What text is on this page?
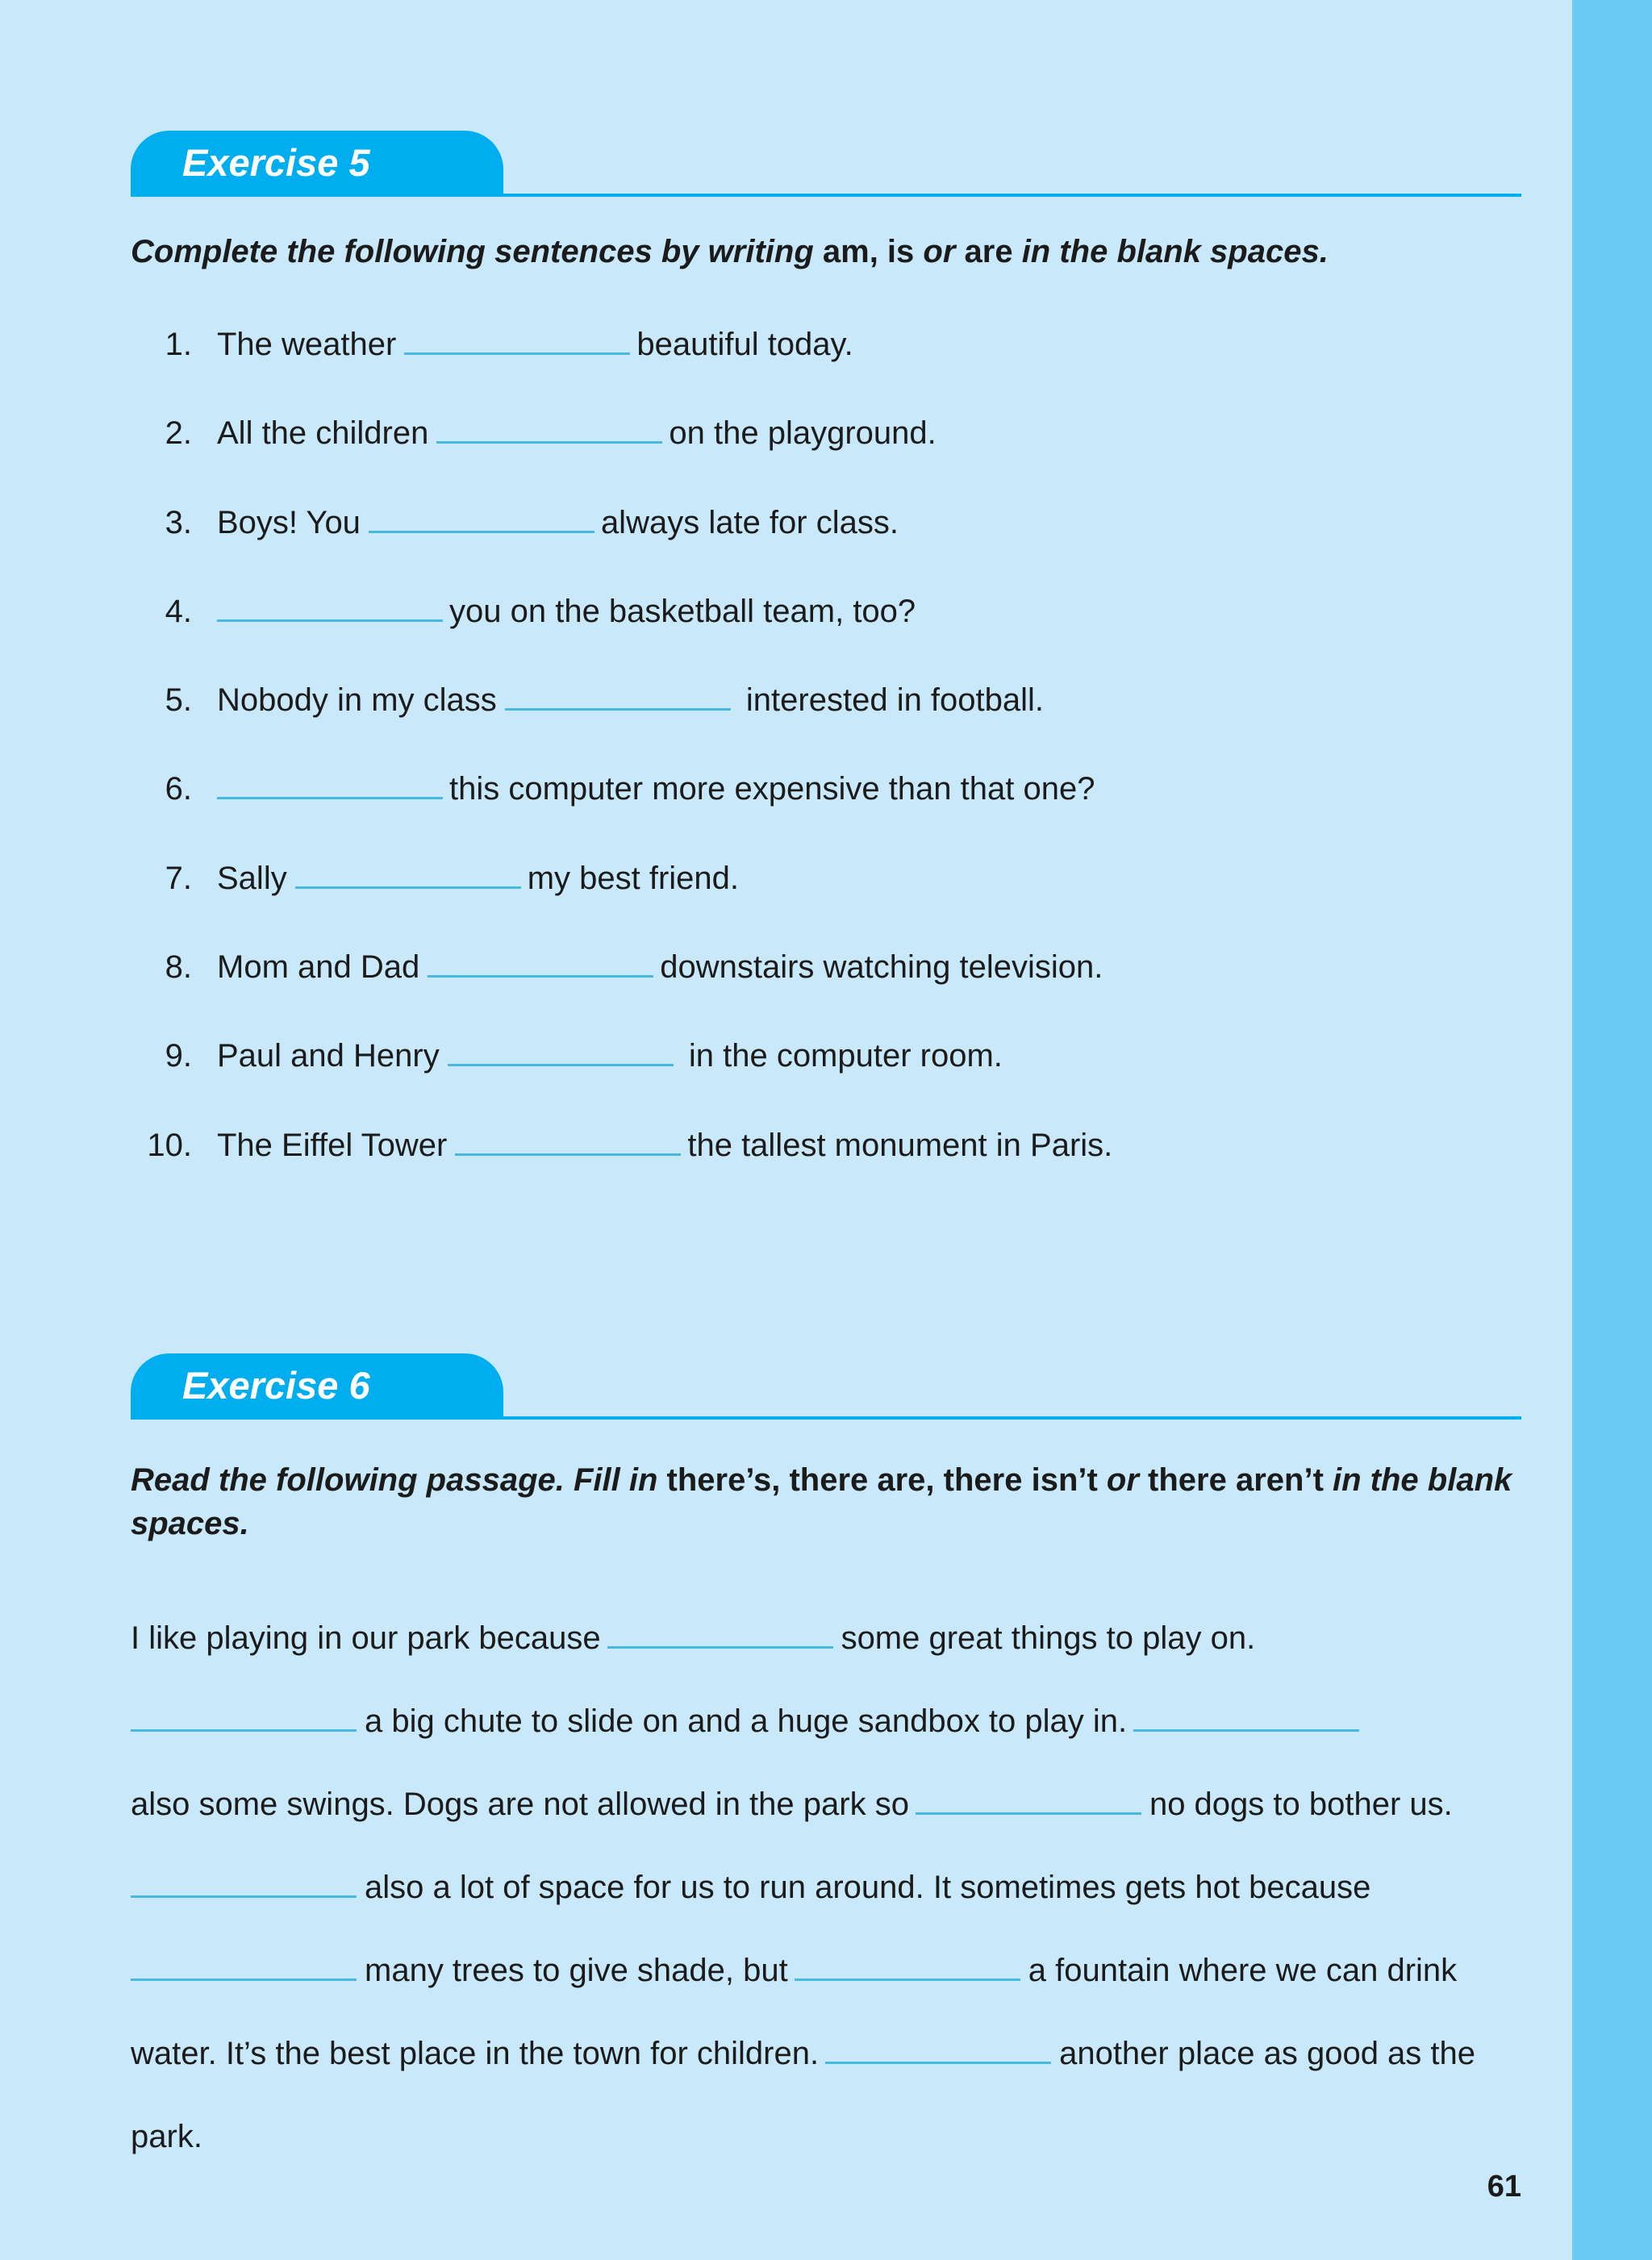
Exercise 5
Complete the following sentences by writing am, is or are in the blank spaces.
1. The weather	beautiful today.
2. All the children	on the playground.
3. Boys! You	always late for class.
4.	you on the basketball team, too?
5. Nobody in my class	interested in football.
6.	this computer more expensive than that one?
7. Sally	my best friend.
8. Mom and Dad	downstairs watching television.
9. Paul and Henry	in the computer room.
10. The Eiffel Tower	the tallest monument in Paris.
Exercise 6
Read the following passage. Fill in there’s, there are, there isn’t or there aren’t in the blank spaces.
I like playing in our park because	some great things to play on.
a big chute to slide on and a huge sandbox to play in.
also some swings. Dogs are not allowed in the park so	no dogs to bother us.
also a lot of space for us to run around. It sometimes gets hot because
many trees to give shade, but	a fountain where we can drink water. It’s the best place in the town for children.	another place as good as the park.
61
